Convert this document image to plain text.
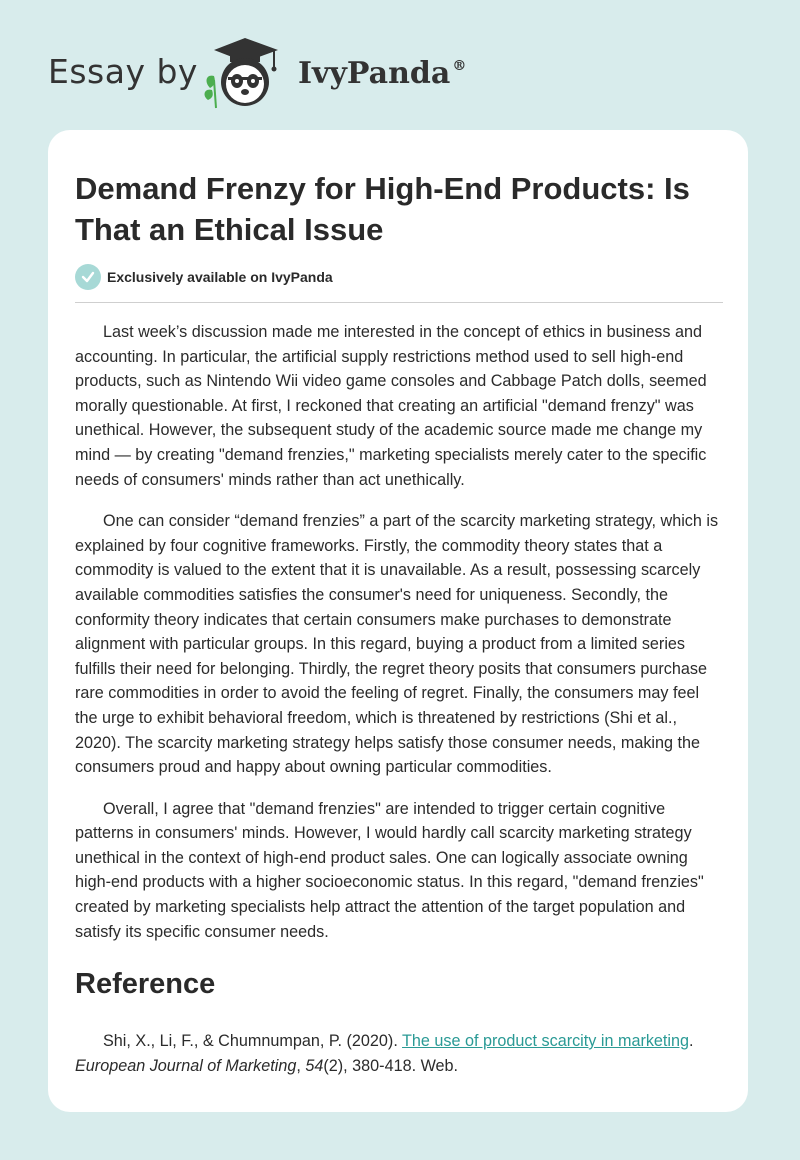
Essay by	IvyPanda ®
Demand Frenzy for High-End Products: Is That an Ethical Issue
Exclusively available on IvyPanda

Last week’s discussion made me interested in the concept of ethics in business and accounting. In particular, the artificial supply restrictions method used to sell high-end products, such as Nintendo Wii video game consoles and Cabbage Patch dolls, seemed morally questionable. At first, I reckoned that creating an artificial "demand frenzy" was unethical. However, the subsequent study of the academic source made me change my mind — by creating "demand frenzies," marketing specialists merely cater to the specific needs of consumers' minds rather than act unethically.

One can consider “demand frenzies” a part of the scarcity marketing strategy, which is explained by four cognitive frameworks. Firstly, the commodity theory states that a commodity is valued to the extent that it is unavailable. As a result, possessing scarcely available commodities satisfies the consumer's need for uniqueness. Secondly, the conformity theory indicates that certain consumers make purchases to demonstrate alignment with particular groups. In this regard, buying a product from a limited series fulfills their need for belonging. Thirdly, the regret theory posits that consumers purchase rare commodities in order to avoid the feeling of regret. Finally, the consumers may feel the urge to exhibit behavioral freedom, which is threatened by restrictions (Shi et al., 2020). The scarcity marketing strategy helps satisfy those consumer needs, making the consumers proud and happy about owning particular commodities.

Overall, I agree that "demand frenzies" are intended to trigger certain cognitive patterns in consumers' minds. However, I would hardly call scarcity marketing strategy unethical in the context of high-end product sales. One can logically associate owning high-end products with a higher socioeconomic status. In this regard, "demand frenzies" created by marketing specialists help attract the attention of the target population and satisfy its specific consumer needs.

Reference

Shi, X., Li, F., & Chumnumpan, P. (2020). The use of product scarcity in marketing. European Journal of Marketing, 54(2), 380-418. Web.
